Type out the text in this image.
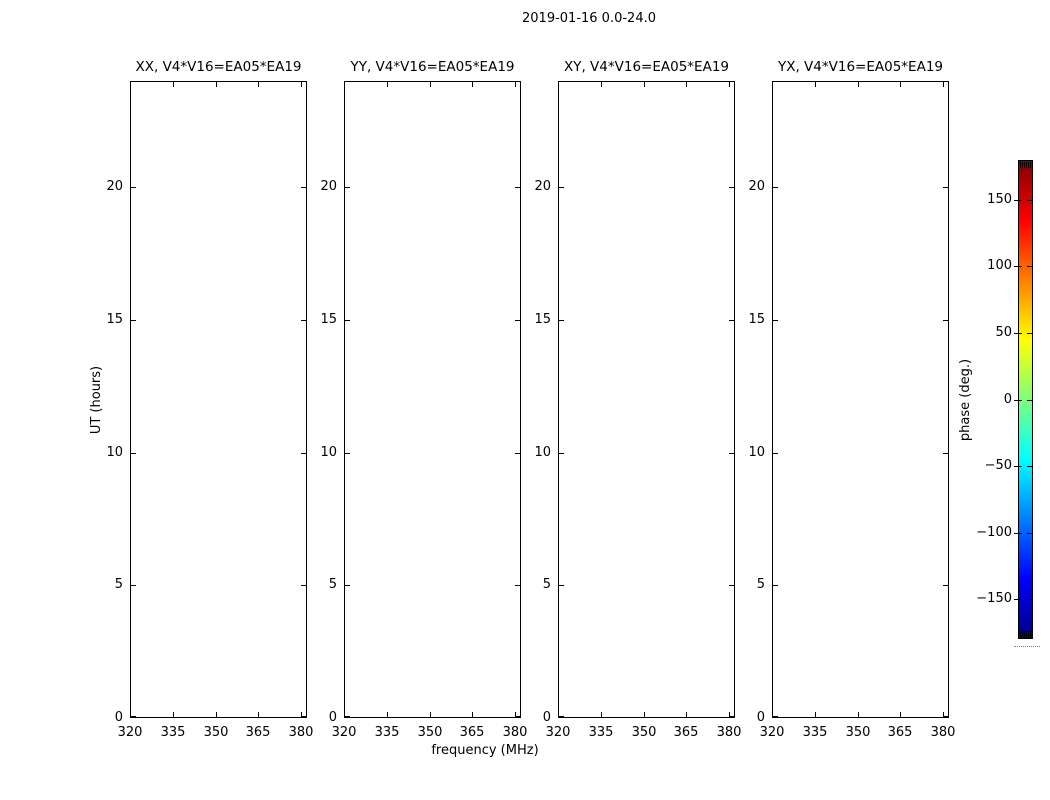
2019-01-16 0.0-24.0
frequency (MHz)
UT (hours)	phase (deg.)
XX, V4*V16=EA05*EA19
320	335	350	365	380
0
5
10
15
20
YY, V4*V16=EA05*EA19
320	335	350	365	380
0
5
10
15
20
XY, V4*V16=EA05*EA19
320	335	350	365	380
0
5
10
15
20
YX, V4*V16=EA05*EA19
320	335	350	365	380
0
5
10
15
20
150
100
50
0
−50
−100
−150
